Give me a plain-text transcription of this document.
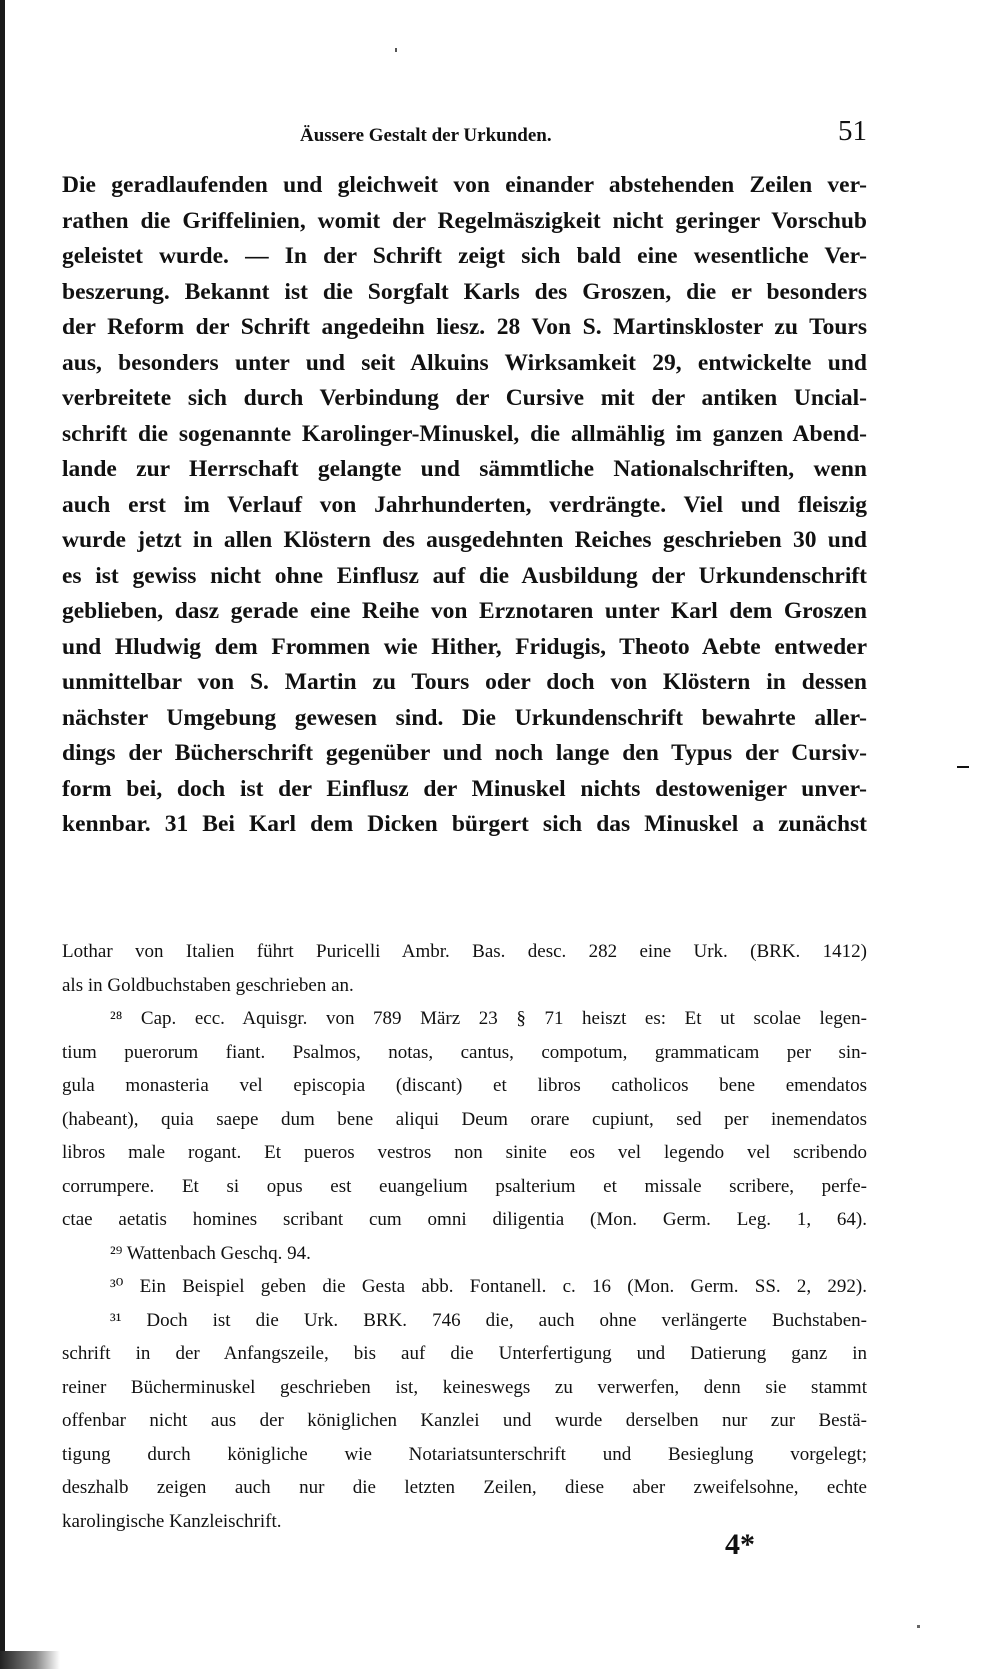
Äussere Gestalt der Urkunden.	51
Die geradlaufenden und gleichweit von einander abstehenden Zeilen ver-
rathen die Griffelinien, womit der Regelmäszigkeit nicht geringer Vorschub
geleistet wurde. — In der Schrift zeigt sich bald eine wesentliche Ver-
beszerung. Bekannt ist die Sorgfalt Karls des Groszen, die er besonders
der Reform der Schrift angedeihn liesz. 28 Von S. Martinskloster zu Tours
aus, besonders unter und seit Alkuins Wirksamkeit 29, entwickelte und
verbreitete sich durch Verbindung der Cursive mit der antiken Uncial-
schrift die sogenannte Karolinger-Minuskel, die allmählig im ganzen Abend-
lande zur Herrschaft gelangte und sämmtliche Nationalschriften, wenn
auch erst im Verlauf von Jahrhunderten, verdrängte. Viel und fleiszig
wurde jetzt in allen Klöstern des ausgedehnten Reiches geschrieben 30 und
es ist gewiss nicht ohne Einflusz auf die Ausbildung der Urkundenschrift
geblieben, dasz gerade eine Reihe von Erznotaren unter Karl dem Groszen
und Hludwig dem Frommen wie Hither, Fridugis, Theoto Aebte entweder
unmittelbar von S. Martin zu Tours oder doch von Klöstern in dessen
nächster Umgebung gewesen sind. Die Urkundenschrift bewahrte aller-
dings der Bücherschrift gegenüber und noch lange den Typus der Cursiv-
form bei, doch ist der Einflusz der Minuskel nichts destoweniger unver-
kennbar. 31 Bei Karl dem Dicken bürgert sich das Minuskel a zunächst
Lothar von Italien führt Puricelli Ambr. Bas. desc. 282 eine Urk. (BRK. 1412)
als in Goldbuchstaben geschrieben an.
²⁸ Cap. ecc. Aquisgr. von 789 März 23 § 71 heiszt es: Et ut scolae legen-
tium puerorum fiant. Psalmos, notas, cantus, compotum, grammaticam per sin-
gula monasteria vel episcopia (discant) et libros catholicos bene emendatos
(habeant), quia saepe dum bene aliqui Deum orare cupiunt, sed per inemendatos
libros male rogant. Et pueros vestros non sinite eos vel legendo vel scribendo
corrumpere. Et si opus est euangelium psalterium et missale scribere, perfe-
ctae aetatis homines scribant cum omni diligentia (Mon. Germ. Leg. 1, 64).
²⁹ Wattenbach Geschq. 94.
³⁰ Ein Beispiel geben die Gesta abb. Fontanell. c. 16 (Mon. Germ. SS. 2, 292).
³¹ Doch ist die Urk. BRK. 746 die, auch ohne verlängerte Buchstaben-
schrift in der Anfangszeile, bis auf die Unterfertigung und Datierung ganz in
reiner Bücherminuskel geschrieben ist, keineswegs zu verwerfen, denn sie stammt
offenbar nicht aus der königlichen Kanzlei und wurde derselben nur zur Bestä-
tigung durch königliche wie Notariatsunterschrift und Besieglung vorgelegt;
deszhalb zeigen auch nur die letzten Zeilen, diese aber zweifelsohne, echte
karolingische Kanzleischrift.
4*
